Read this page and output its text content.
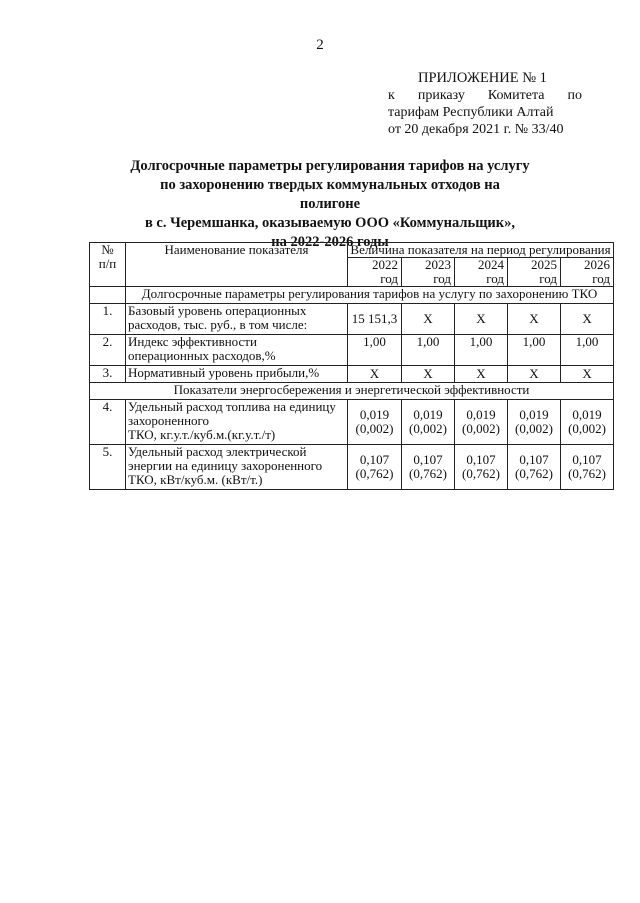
2
ПРИЛОЖЕНИЕ № 1
к приказу Комитета по
тарифам Республики Алтай
от 20 декабря 2021 г. № 33/40
Долгосрочные параметры регулирования тарифов на услугу
по захоронению твердых коммунальных отходов на полигоне
в с. Черемшанка, оказываемую ООО «Коммунальщик»,
на 2022-2026 годы
№
п/п	Наименование показателя	Величина показателя на период регулирования				

		2022
год	2023
год	2024
год	2025
год	2026
год

	Долгосрочные параметры регулирования тарифов на услугу по захоронению ТКО					
1.	Базовый уровень операционных
расходов, тыс. руб., в том числе:	15 151,3	X	X	X	X
2.	Индекс эффективности
операционных расходов,%	1,00	1,00	1,00	1,00	1,00
3.	Нормативный уровень прибыли,%	X	X	X	X	X
Показатели энергосбережения и энергетической эффективности						
4.	Удельный расход топлива на единицу
захороненного
ТКО, кг.у.т./куб.м.(кг.у.т./т)	0,019
(0,002)	0,019
(0,002)	0,019
(0,002)	0,019
(0,002)	0,019
(0,002)

5.	Удельный расход электрической
энергии на единицу захороненного
ТКО, кВт/куб.м. (кВт/т.)	0,107
(0,762)	0,107
(0,762)	0,107
(0,762)	0,107
(0,762)	0,107
(0,762)
